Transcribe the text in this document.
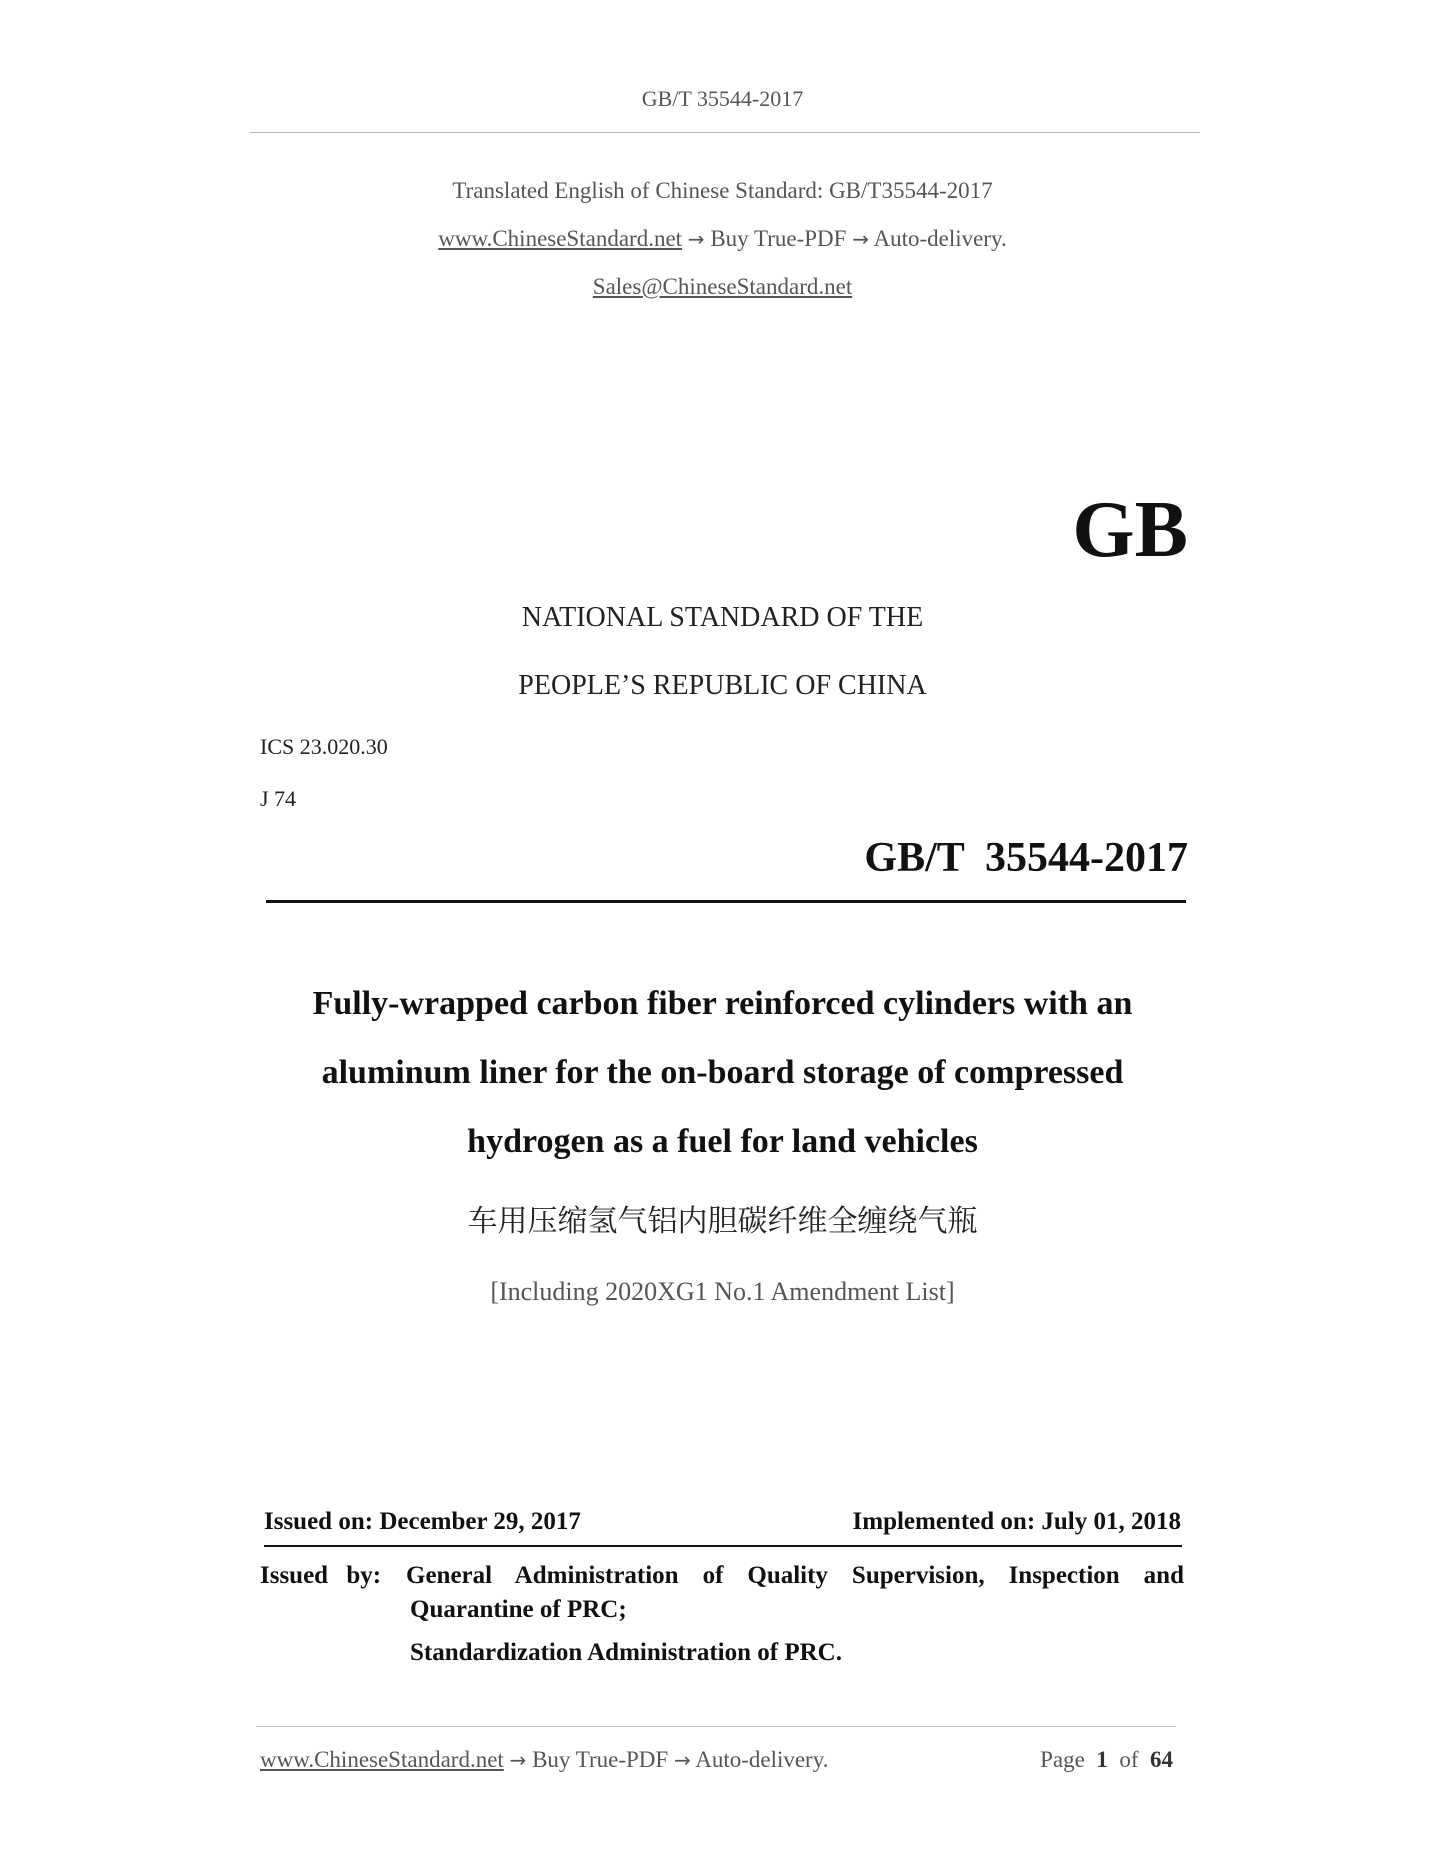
GB/T 35544-2017
Translated English of Chinese Standard: GB/T35544-2017
www.ChineseStandard.net → Buy True-PDF → Auto-delivery.
Sales@ChineseStandard.net
GB
NATIONAL STANDARD OF THE
PEOPLE’S REPUBLIC OF CHINA
ICS 23.020.30
J 74
GB/T  35544-2017
Fully-wrapped carbon fiber reinforced cylinders with an
aluminum liner for the on-board storage of compressed
hydrogen as a fuel for land vehicles
车用压缩氢气铝内胆碳纤维全缠绕气瓶
[Including 2020XG1 No.1 Amendment List]
Issued on: December 29, 2017	Implemented on: July 01, 2018
Issued by: General Administration of Quality Supervision, Inspection and
Quarantine of PRC;
Standardization Administration of PRC.
www.ChineseStandard.net → Buy True-PDF → Auto-delivery.	Page 1 of 64
